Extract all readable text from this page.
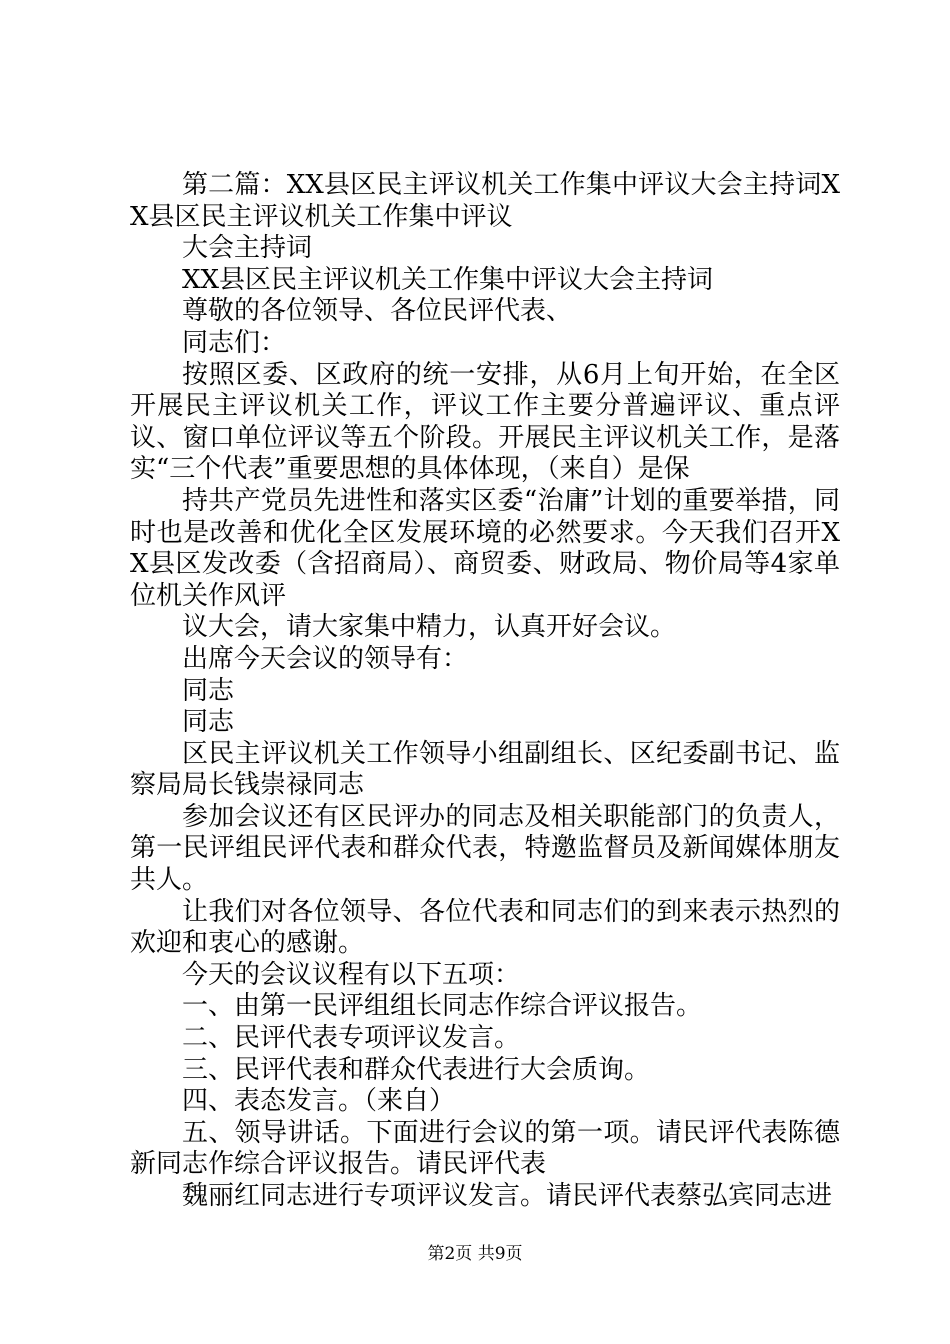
第二篇：XX县区民主评议机关工作集中评议大会主持词XX县区民主评议机关工作集中评议

大会主持词

XX县区民主评议机关工作集中评议大会主持词

尊敬的各位领导、各位民评代表、

同志们：

按照区委、区政府的统一安排，从6月上旬开始，在全区开展民主评议机关工作，评议工作主要分普遍评议、重点评议、窗口单位评议等五个阶段。开展民主评议机关工作，是落实“三个代表”重要思想的具体体现，（来自）是保

持共产党员先进性和落实区委“治庸”计划的重要举措，同时也是改善和优化全区发展环境的必然要求。今天我们召开XX县区发改委（含招商局）、商贸委、财政局、物价局等4家单位机关作风评

议大会，请大家集中精力，认真开好会议。

出席今天会议的领导有：

同志

同志

区民主评议机关工作领导小组副组长、区纪委副书记、监察局局长钱崇禄同志

参加会议还有区民评办的同志及相关职能部门的负责人，第一民评组民评代表和群众代表，特邀监督员及新闻媒体朋友共人。

让我们对各位领导、各位代表和同志们的到来表示热烈的欢迎和衷心的感谢。

今天的会议议程有以下五项：

一、由第一民评组组长同志作综合评议报告。

二、民评代表专项评议发言。

三、民评代表和群众代表进行大会质询。

四、表态发言。（来自）

五、领导讲话。下面进行会议的第一项。请民评代表陈德新同志作综合评议报告。请民评代表

魏丽红同志进行专项评议发言。请民评代表蔡弘宾同志进

第2页 共9页
